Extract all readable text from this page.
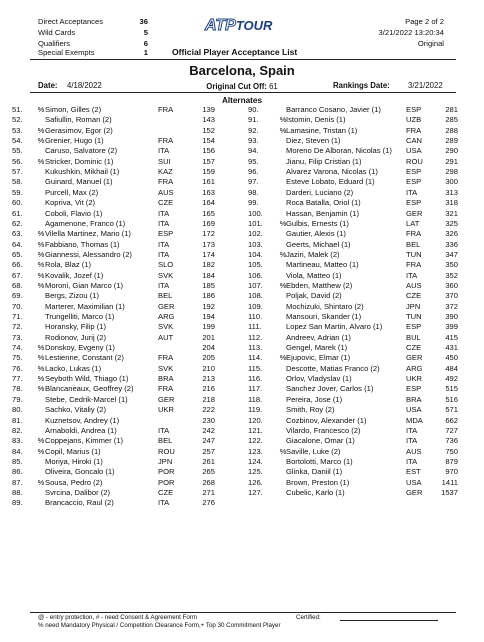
Direct Acceptances	36
Wild Cards	5
Qualifiers	6
Special Exempts	1
ATPTOUR
Official Player Acceptance List
Page 2 of 2
3/21/2022 13:20:34
Original
Barcelona, Spain
Date: 4/18/2022	Rankings Date: 3/21/2022
Original Cut Off: 61
Alternates
51.	% Simon, Gilles (2)	FRA	139
52.	Safiullin, Roman (2)	143
53.	% Gerasimov, Egor (2)	152
54.	% Grenier, Hugo (1)	FRA	154
55.	Caruso, Salvatore (2)	ITA	156
56.	% Stricker, Dominic (1)	SUI	157
57.	Kukushkin, Mikhail (1)	KAZ	159
58.	Guinard, Manuel (1)	FRA	161
59.	Purcell, Max (2)	AUS	163
60.	Kopriva, Vit (2)	CZE	164
61.	Coboli, Flavio (1)	ITA	165
62.	Agamenone, Franco (1)	ITA	169
63.	% Vilella Martinez, Mario (1)	ESP	172
64.	% Fabbiano, Thomas (1)	ITA	173
65.	% Giannessi, Alessandro (2)	ITA	174
66.	% Rola, Blaz (1)	SLO	182
67.	% Kovalik, Jozef (1)	SVK	184
68.	% Moroni, Gian Marco (1)	ITA	185
69.	Bergs, Zizou (1)	BEL	186
70.	Marterer, Maximilian (1)	GER	192
71.	Trungelliti, Marco (1)	ARG	194
72.	Horansky, Filip (1)	SVK	199
73.	Rodionov, Jurij (2)	AUT	201
74.	% Donskoy, Evgeny (1)	204
75.	% Lestienne, Constant (2)	FRA	205
76.	% Lacko, Lukas (1)	SVK	210
77.	% Seyboth Wild, Thiago (1)	BRA	213
78.	% Blancaneaux, Geoffrey (2)	FRA	216
79.	Stebe, Cedrik-Marcel (1)	GER	218
80.	Sachko, Vitaliy (2)	UKR	222
81.	Kuznetsov, Andrey (1)	230
82.	Arnaboldi, Andrea (1)	ITA	242
83.	% Coppejans, Kimmer (1)	BEL	247
84.	% Copil, Marius (1)	ROU	257
85.	Moriya, Hiroki (1)	JPN	261
86.	Oliveira, Goncalo (1)	POR	265
87.	% Sousa, Pedro (2)	POR	268
88.	Svrcina, Dalibor (2)	CZE	271
89.	Brancaccio, Raul (2)	ITA	276
90.	Barranco Cosano, Javier (1)	ESP	281
91.	% Istomin, Denis (1)	UZB	285
92.	% Lamasine, Tristan (1)	FRA	288
93.	Diez, Steven (1)	CAN	289
94.	Moreno De Alboran, Nicolas (1) USA	290
95.	Jianu, Filip Cristian (1)	ROU	291
96.	Alvarez Varona, Nicolas (1)	ESP	298
97.	Esteve Lobato, Eduard (1)	ESP	300
98.	Darderi, Luciano (2)	ITA	313
99.	Roca Batalla, Oriol (1)	ESP	318
100.	Hassan, Benjamin (1)	GER	321
101.	% Gulbis, Ernests (1)	LAT	325
102.	Gautier, Alexis (1)	FRA	326
103.	Geerts, Michael (1)	BEL	336
104.	% Jaziri, Malek (2)	TUN	347
105.	Martineau, Matteo (1)	FRA	350
106.	Viola, Matteo (1)	ITA	352
107.	% Ebden, Matthew (2)	AUS	360
108.	Poljak, David (2)	CZE	370
109.	Mochizuki, Shintaro (2)	JPN	372
110.	Mansouri, Skander (1)	TUN	390
111.	Lopez San Martin, Alvaro (1)	ESP	399
112.	Andreev, Adrian (1)	BUL	415
113.	Gengel, Marek (1)	CZE	431
114.	% Ejupovic, Elmar (1)	GER	450
115.	Descotte, Matias Franco (2)	ARG	484
116.	Orlov, Vladyslav (1)	UKR	492
117.	Sanchez Jover, Carlos (1)	ESP	515
118.	Pereira, Jose (1)	BRA	516
119.	Smith, Roy (2)	USA	571
120.	Cozbinov, Alexander (1)	MDA	662
121.	Vilardo, Francesco (2)	ITA	727
122.	Giacalone, Omar (1)	ITA	736
123.	% Saville, Luke (2)	AUS	750
124.	Bortolotti, Marco (1)	ITA	879
125.	Glinka, Daniil (1)	EST	970
126.	Brown, Preston (1)	USA	1411
127.	Cubelic, Karlo (1)	GER	1537
@ - entry protection, # - need Consent & Agreement Form
% need Mandatory Physical / Competition Clearance Form,+ Top 30 Commitment Player
Certified:
